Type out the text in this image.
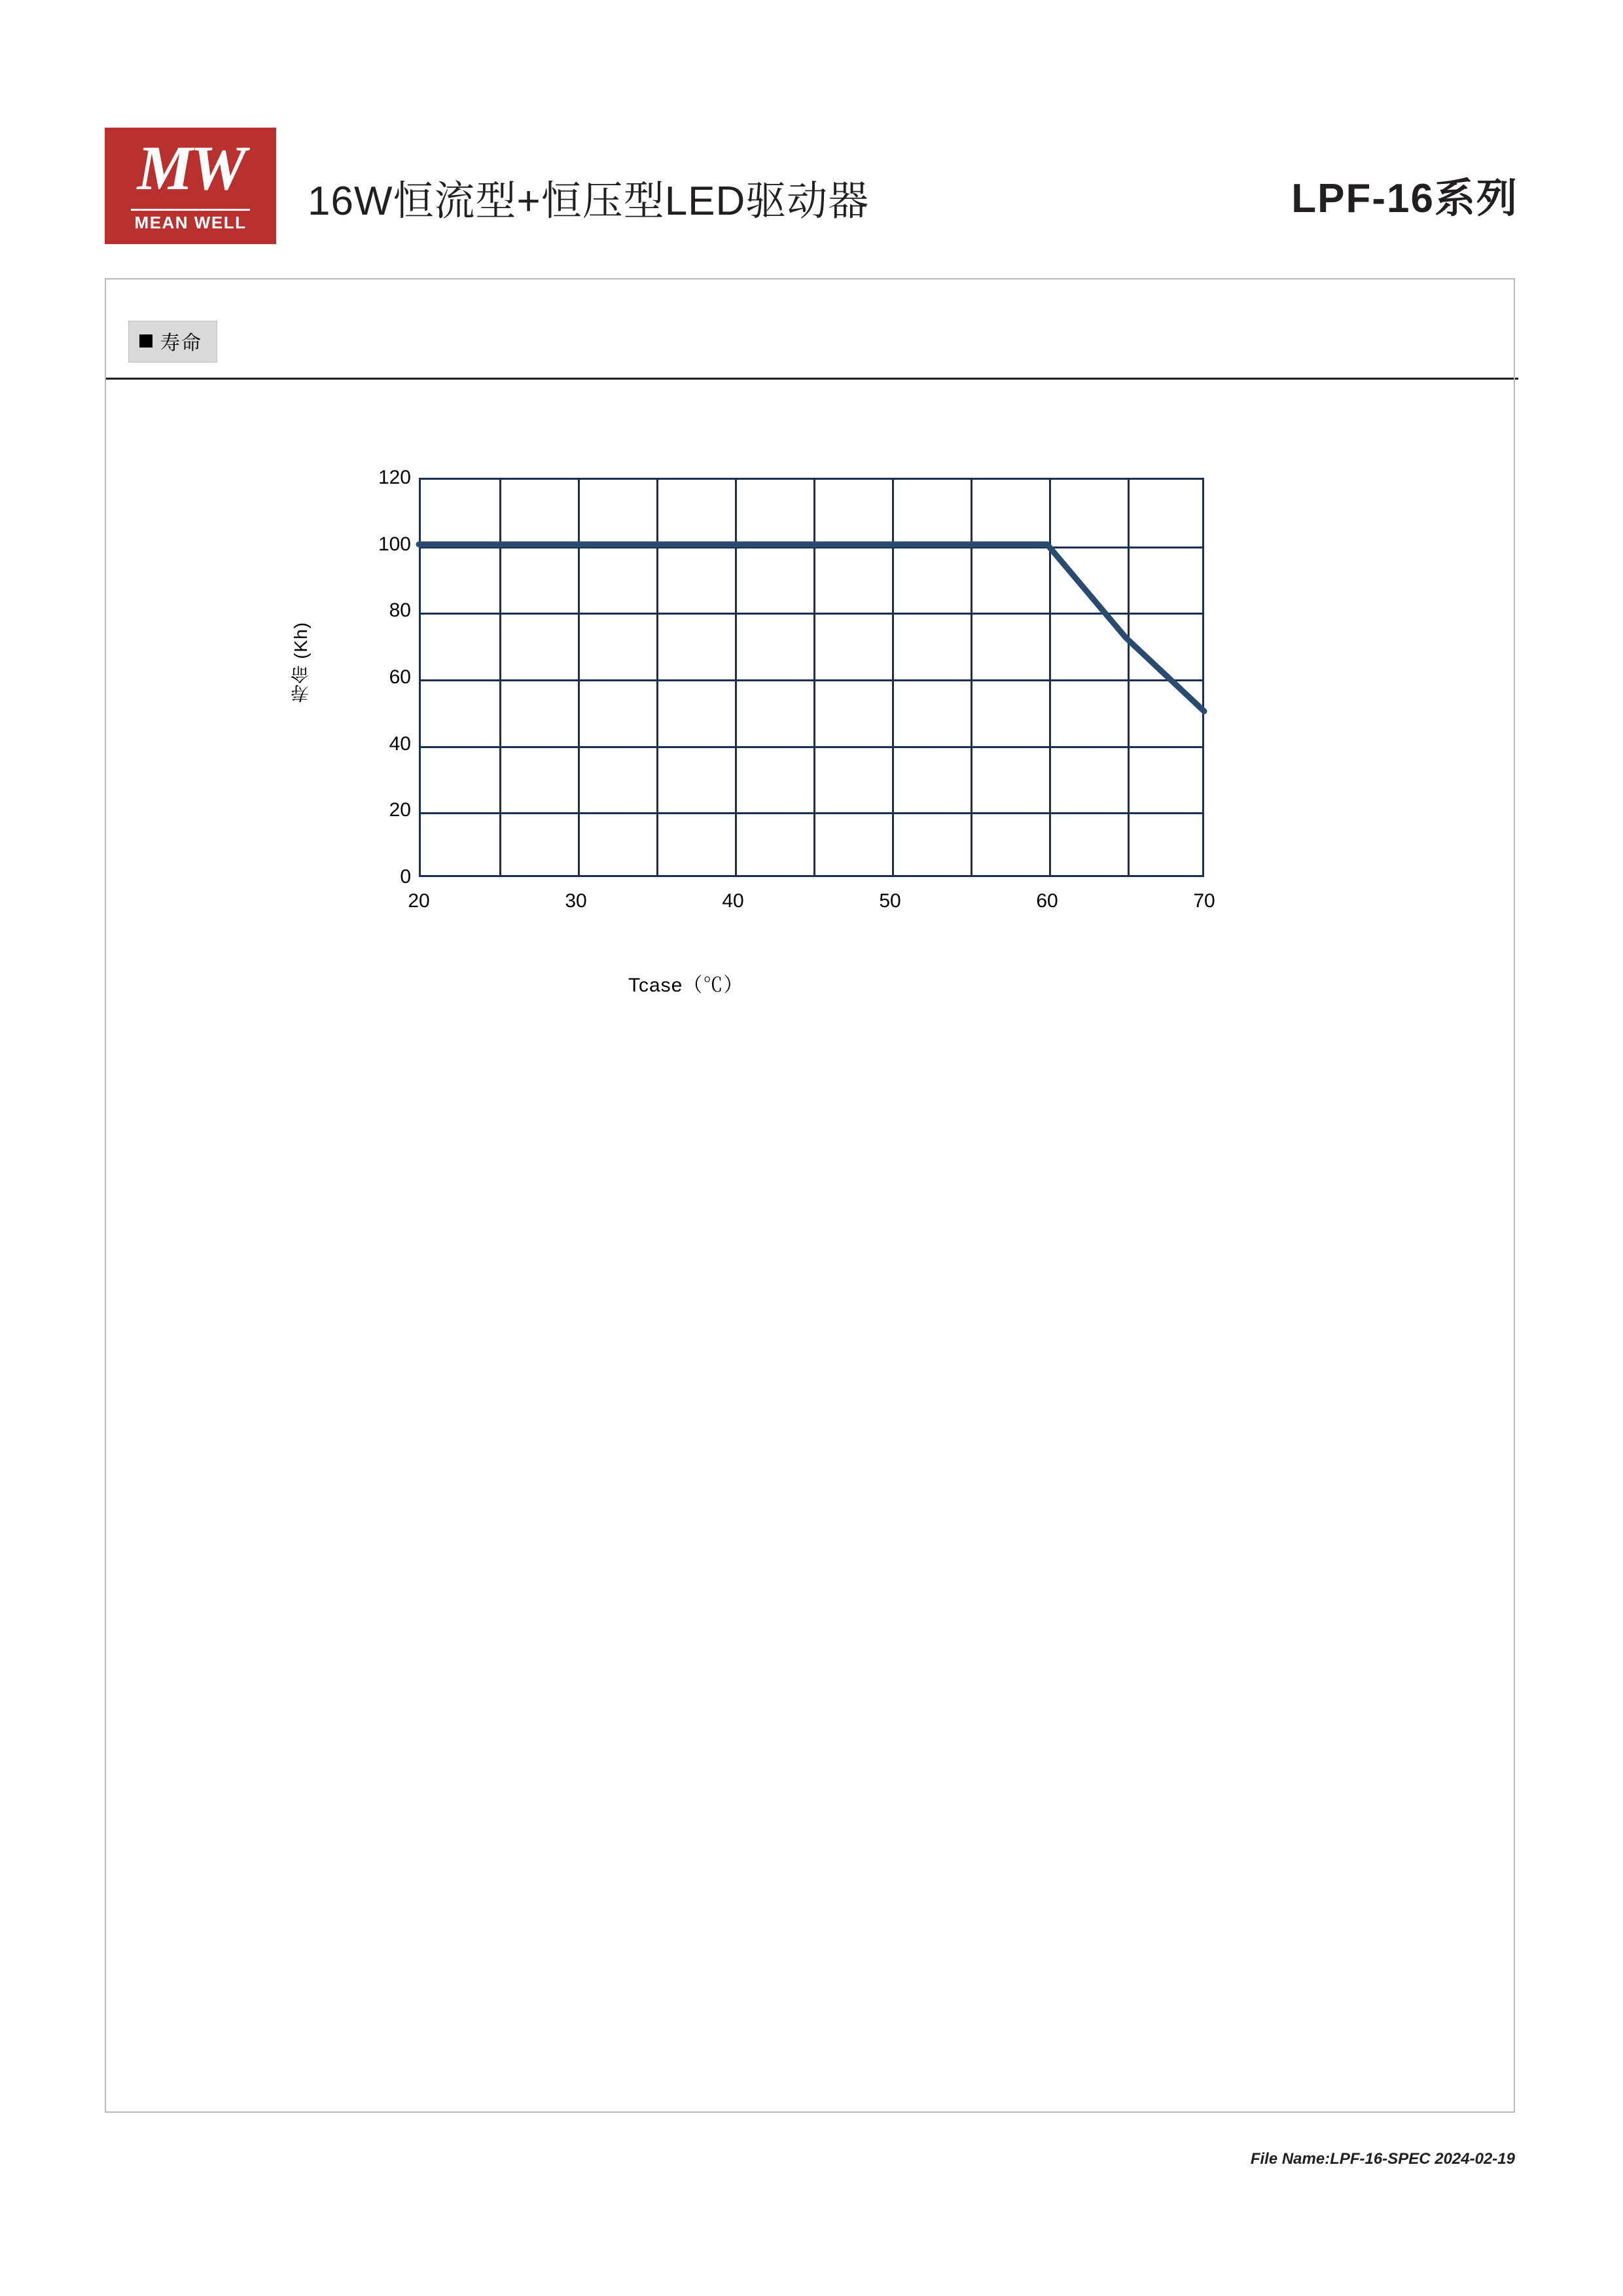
MW
MEAN WELL 16W恒流型+恒压型LED驱动器	LPF-16系列
寿命
寿命 (Kh)
120
100
80
60
40
20
0
20	30	40	50	60	70
Tcase（℃）
File Name:LPF-16-SPEC 2024-02-19
